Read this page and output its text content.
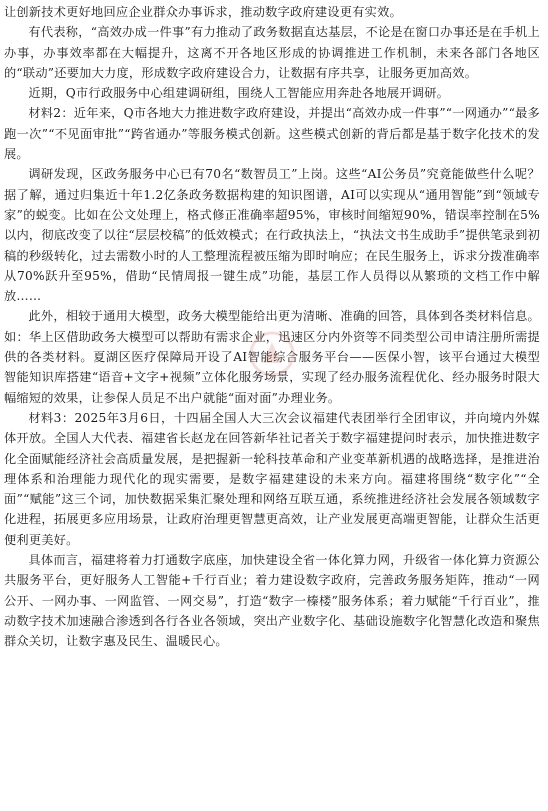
让创新技术更好地回应企业群众办事诉求，推动数字政府建设更有实效。

有代表称，“高效办成一件事”有力推动了政务数据直达基层，不论是在窗口办事还是在手机上办事，办事效率都在大幅提升，这离不开各地区形成的协调推进工作机制，未来各部门各地区的“联动”还要加大力度，形成数字政府建设合力，让数据有序共享，让服务更加高效。

近期，Q市行政服务中心组建调研组，围绕人工智能应用奔赴各地展开调研。

材料2：近年来，Q市各地大力推进数字政府建设，并提出“高效办成一件事”“一网通办”“最多跑一次”“不见面审批”“跨省通办”等服务模式创新。这些模式创新的背后都是基于数字化技术的发展。

调研发现，区政务服务中心已有70名“数智员工”上岗。这些“AI公务员”究竟能做些什么呢？据了解，通过归集近十年1.2亿条政务数据构建的知识图谱，AI可以实现从“通用智能”到“领域专家”的蜕变。比如在公文处理上，格式修正准确率超95%，审核时间缩短90%，错误率控制在5%以内，彻底改变了以往“层层校稿”的低效模式；在行政执法上，“执法文书生成助手”提供笔录到初稿的秒级转化，过去需数小时的人工整理流程被压缩为即时响应；在民生服务上，诉求分拨准确率从70%跃升至95%，借助“民情周报一键生成”功能，基层工作人员得以从繁琐的文档工作中解放……

此外，相较于通用大模型，政务大模型能给出更为清晰、准确的回答，具体到各类材料信息。如：华上区借助政务大模型可以帮助有需求企业，迅速区分内外资等不同类型公司申请注册所需提供的各类材料。夏湖区医疗保障局开设了AI智能综合服务平台——医保小智，该平台通过大模型智能知识库搭建“语音+文字+视频”立体化服务场景，实现了经办服务流程优化、经办服务时限大幅缩短的效果，让参保人员足不出户就能“面对面”办理业务。

材料3：2025年3月6日，十四届全国人大三次会议福建代表团举行全团审议，并向境内外媒体开放。全国人大代表、福建省长赵龙在回答新华社记者关于数字福建提问时表示，加快推进数字化全面赋能经济社会高质量发展，是把握新一轮科技革命和产业变革新机遇的战略选择，是推进治理体系和治理能力现代化的现实需要，是数字福建建设的未来方向。福建将围绕“数字化”“全面”“赋能”这三个词，加快数据采集汇聚处理和网络互联互通，系统推进经济社会发展各领域数字化进程，拓展更多应用场景，让政府治理更智慧更高效，让产业发展更高端更智能，让群众生活更便利更美好。

具体而言，福建将着力打通数字底座，加快建设全省一体化算力网，升级省一体化算力资源公共服务平台，更好服务人工智能+千行百业；着力建设数字政府，完善政务服务矩阵，推动“一网公开、一网办事、一网监管、一网交易”，打造“数字一榛楼”服务体系；着力赋能“千行百业”，推动数字技术加速融合渗透到各行各业各领域，突出产业数字化、基础设施数字化智慧化改造和聚焦群众关切，让数字惠及民生、温暖民心。
